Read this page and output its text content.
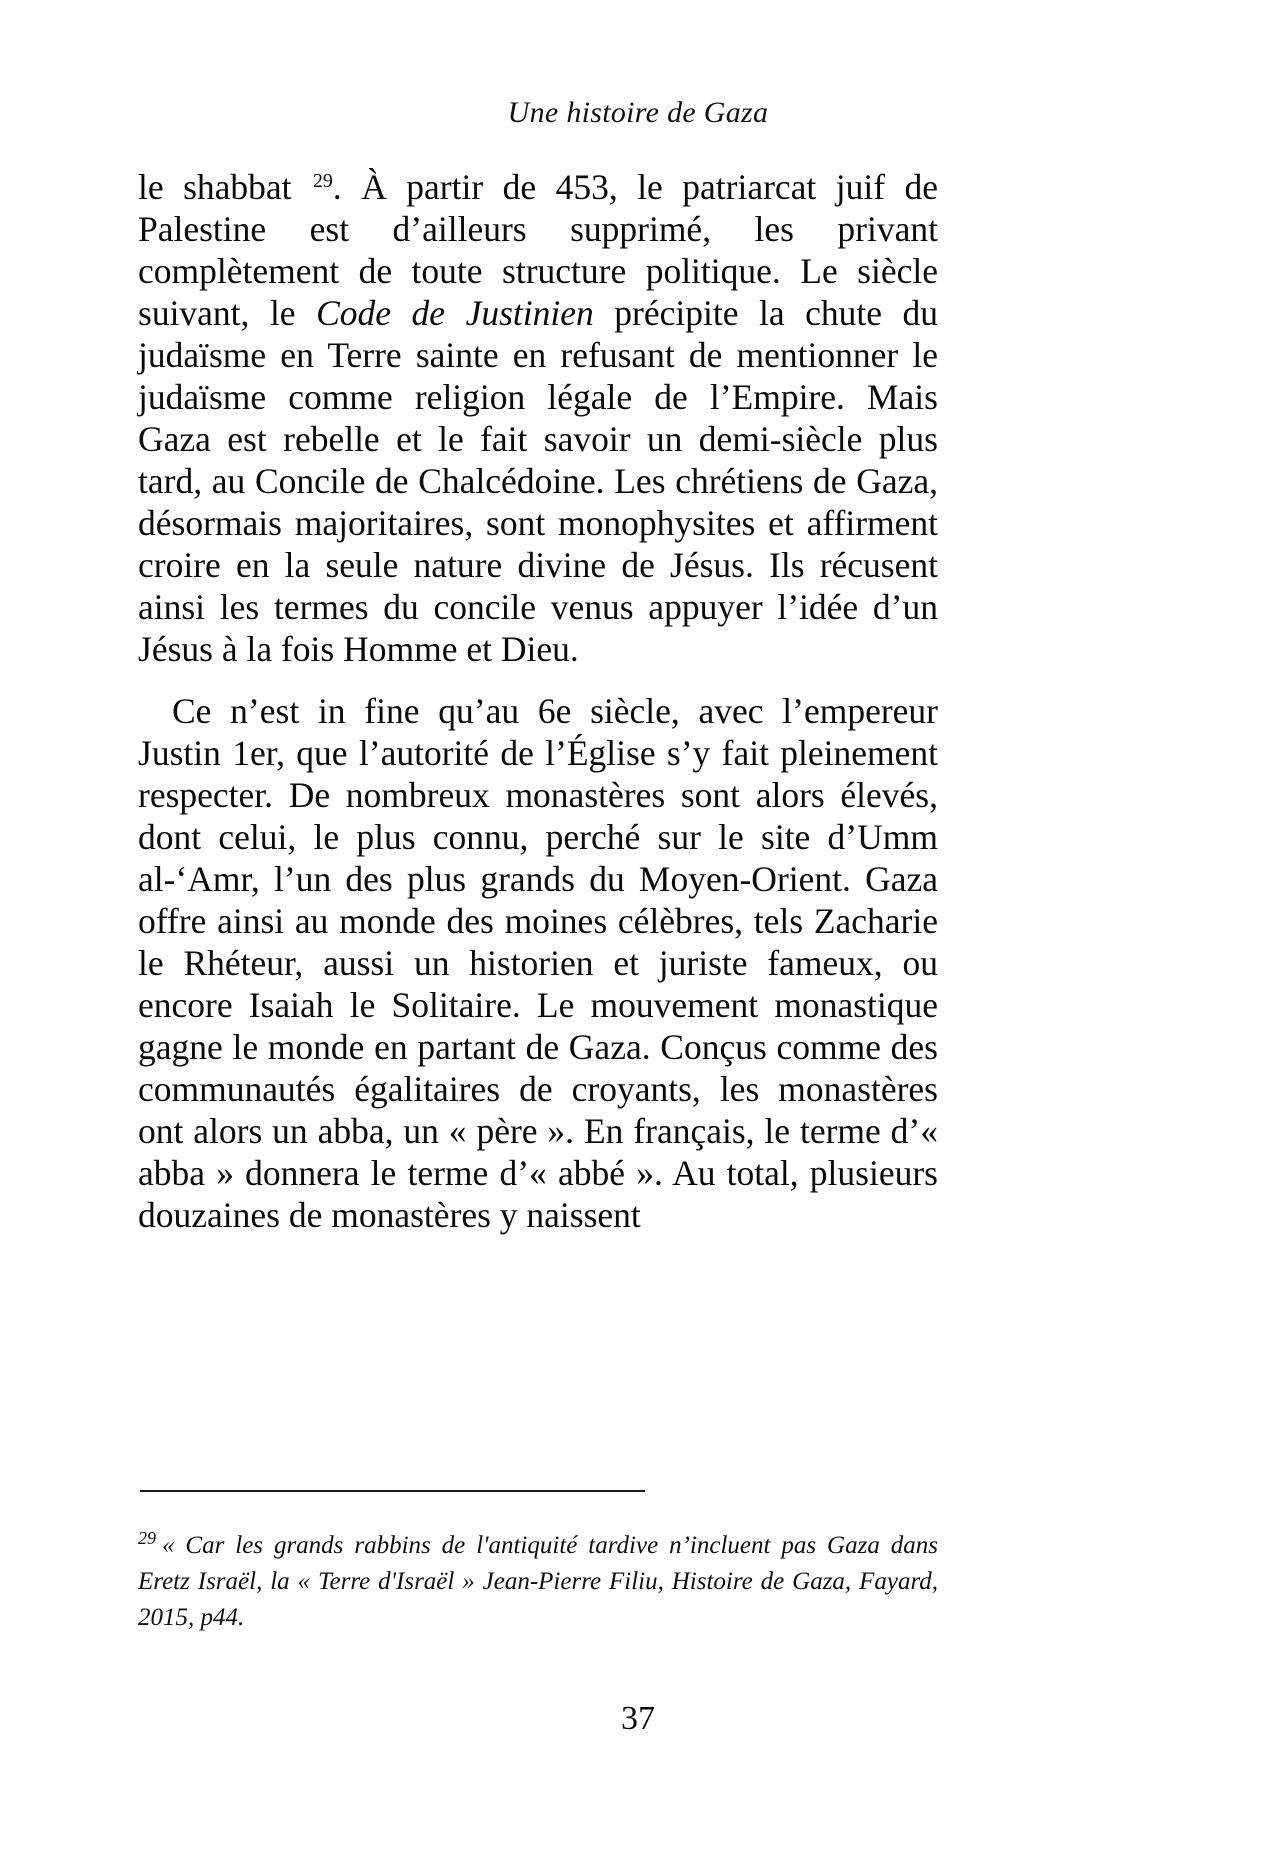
Une histoire de Gaza

le shabbat $^{29}$. À partir de 453, le patriarcat juif de Palestine est d’ailleurs supprimé, les privant complètement de toute structure politique. Le siècle suivant, le Code de Justinien précipite la chute du judaïsme en Terre sainte en refusant de mentionner le judaïsme comme religion légale de l’Empire. Mais Gaza est rebelle et le fait savoir un demi-siècle plus tard, au Concile de Chalcédoine. Les chrétiens de Gaza, désormais majoritaires, sont monophysites et affirment croire en la seule nature divine de Jésus. Ils récusent ainsi les termes du concile venus appuyer l’idée d’un Jésus à la fois Homme et Dieu.

Ce n’est in fine qu’au 6e siècle, avec l’empereur Justin 1er, que l’autorité de l’Église s’y fait pleinement respecter. De nombreux monastères sont alors élevés, dont celui, le plus connu, perché sur le site d’Umm al-‘Amr, l’un des plus grands du Moyen-Orient. Gaza offre ainsi au monde des moines célèbres, tels Zacharie le Rhéteur, aussi un historien et juriste fameux, ou encore Isaiah le Solitaire. Le mouvement monastique gagne le monde en partant de Gaza. Conçus comme des communautés égalitaires de croyants, les monastères ont alors un abba, un « père ». En français, le terme d’« abba » donnera le terme d’« abbé ». Au total, plusieurs douzaines de monastères y naissent

$^{29}$ « Car les grands rabbins de l'antiquité tardive n’incluent pas Gaza dans Eretz Israël, la « Terre d'Israël » Jean-Pierre Filiu, Histoire de Gaza, Fayard, 2015, p44.

37
